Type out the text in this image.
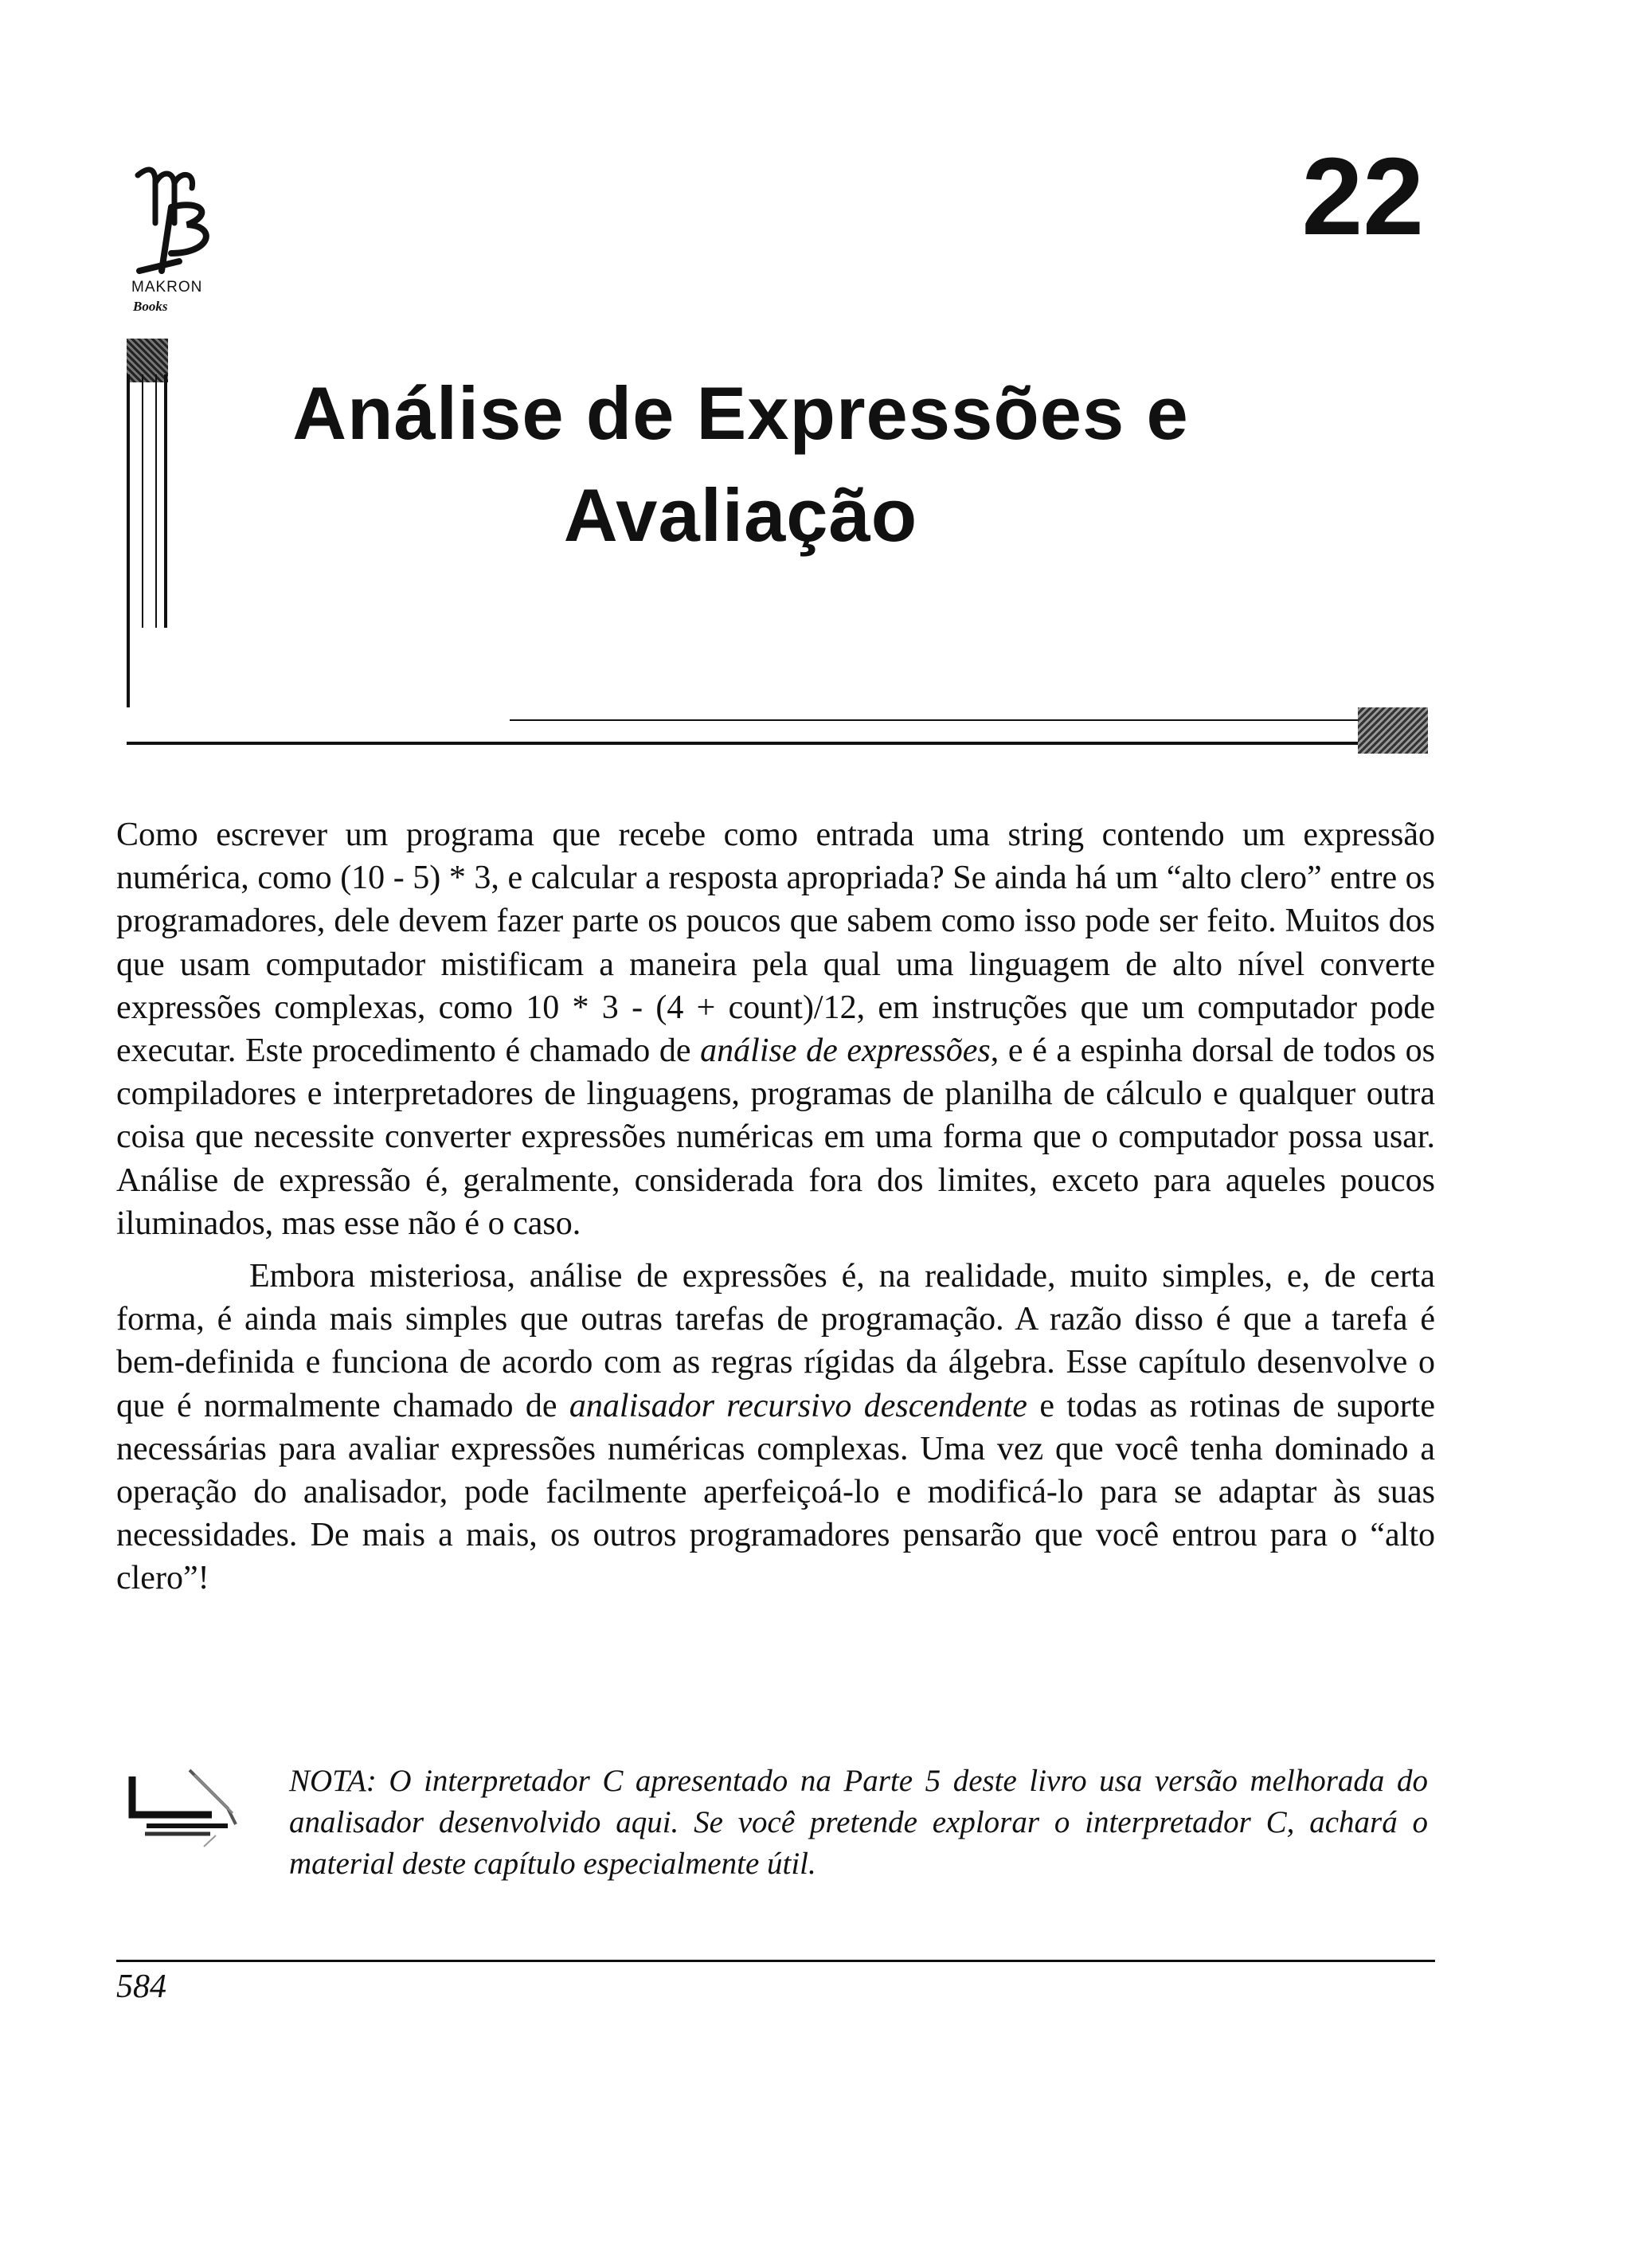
MAKRON
Books
22
Análise de Expressões e
Avaliação

Como escrever um programa que recebe como entrada uma string contendo um expressão numérica, como (10 - 5) * 3, e calcular a resposta apropriada? Se ainda há um “alto clero” entre os programadores, dele devem fazer parte os poucos que sabem como isso pode ser feito. Muitos dos que usam computador mistificam a maneira pela qual uma linguagem de alto nível converte expressões complexas, como 10 * 3 - (4 + count)/12, em instruções que um computador pode executar. Este procedimento é chamado de análise de expressões, e é a espinha dorsal de todos os compiladores e interpretadores de linguagens, programas de planilha de cálculo e qualquer outra coisa que necessite converter expressões numéricas em uma forma que o computador possa usar. Análise de expressão é, geralmente, considerada fora dos limites, exceto para aqueles poucos iluminados, mas esse não é o caso.

Embora misteriosa, análise de expressões é, na realidade, muito simples, e, de certa forma, é ainda mais simples que outras tarefas de programação. A razão disso é que a tarefa é bem-definida e funciona de acordo com as regras rígidas da álgebra. Esse capítulo desenvolve o que é normalmente chamado de analisador recursivo descendente e todas as rotinas de suporte necessárias para avaliar expressões numéricas complexas. Uma vez que você tenha dominado a operação do analisador, pode facilmente aperfeiçoá-lo e modificá-lo para se adaptar às suas necessidades. De mais a mais, os outros programadores pensarão que você entrou para o “alto clero”!

NOTA: O interpretador C apresentado na Parte 5 deste livro usa versão melhorada do analisador desenvolvido aqui. Se você pretende explorar o interpretador C, achará o material deste capítulo especialmente útil.

584
